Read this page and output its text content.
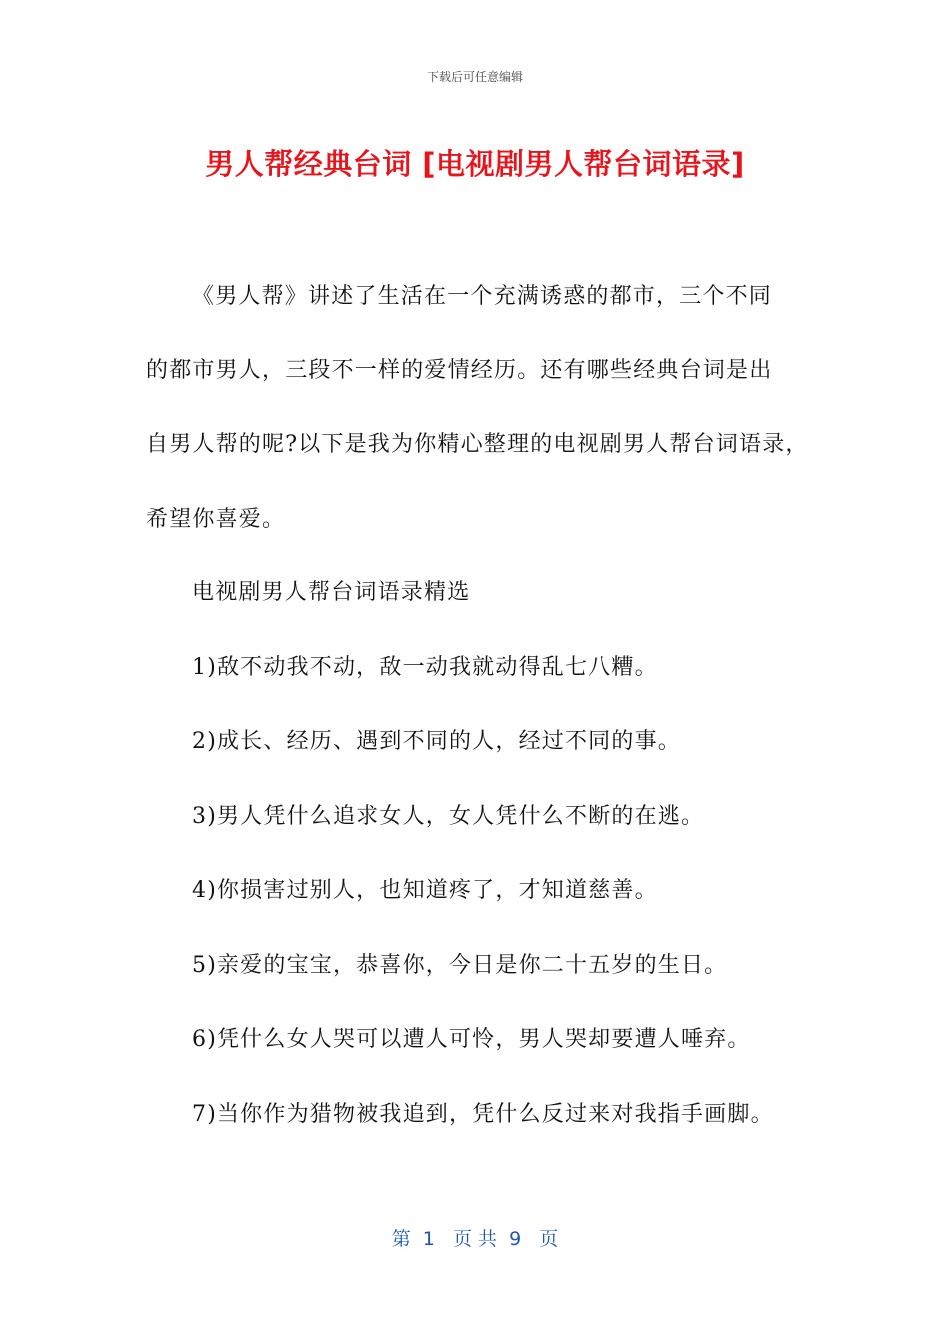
下载后可任意编辑
男人帮经典台词 [电视剧男人帮台词语录]

《男人帮》讲述了生活在一个充满诱惑的都市，三个不同

的都市男人，三段不一样的爱情经历。还有哪些经典台词是出

自男人帮的呢?以下是我为你精心整理的电视剧男人帮台词语录，

希望你喜爱。

电视剧男人帮台词语录精选

1)敌不动我不动，敌一动我就动得乱七八糟。

2)成长、经历、遇到不同的人，经过不同的事。

3)男人凭什么追求女人，女人凭什么不断的在逃。

4)你损害过别人，也知道疼了，才知道慈善。

5)亲爱的宝宝，恭喜你，今日是你二十五岁的生日。

6)凭什么女人哭可以遭人可怜，男人哭却要遭人唾弃。

7)当你作为猎物被我追到，凭什么反过来对我指手画脚。

第  1   页 共  9   页
